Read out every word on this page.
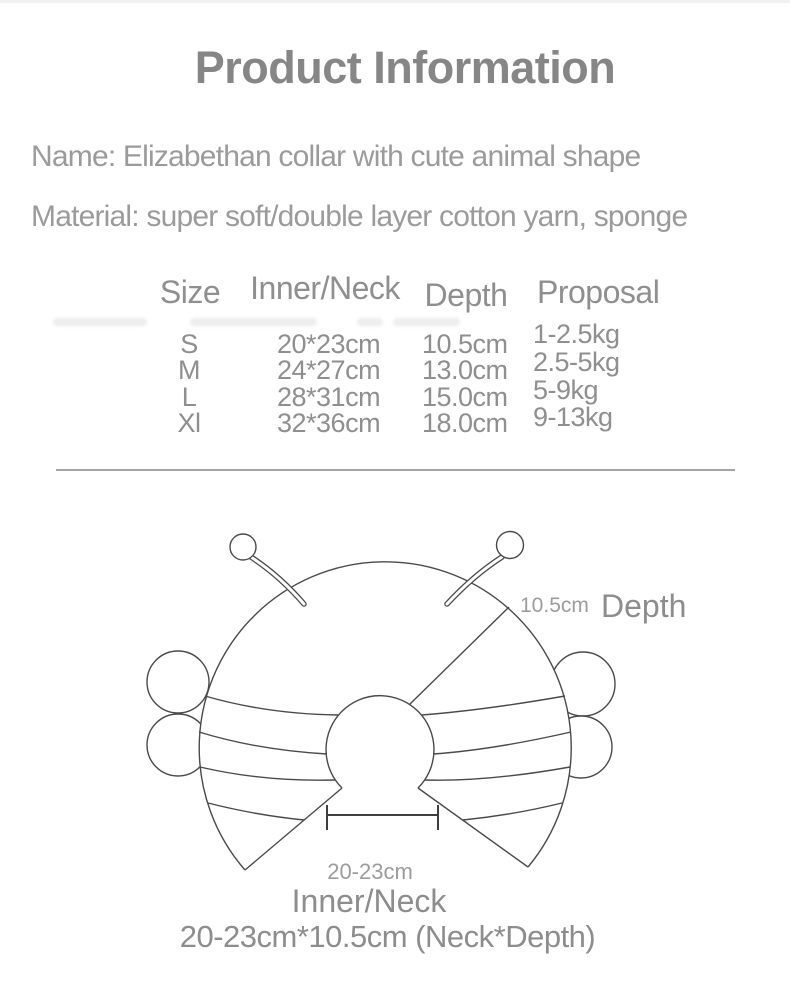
Product Information
Name: Elizabethan collar with cute animal shape
Material: super soft/double layer cotton yarn, sponge
Size Inner/Neck Depth Proposal
S
M
L
Xl
20*23cm
24*27cm
28*31cm
32*36cm
10.5cm
13.0cm
15.0cm
18.0cm
1-2.5kg
2.5-5kg
5-9kg
9-13kg
10.5cm Depth
20-23cm
Inner/Neck
20-23cm*10.5cm (Neck*Depth)
